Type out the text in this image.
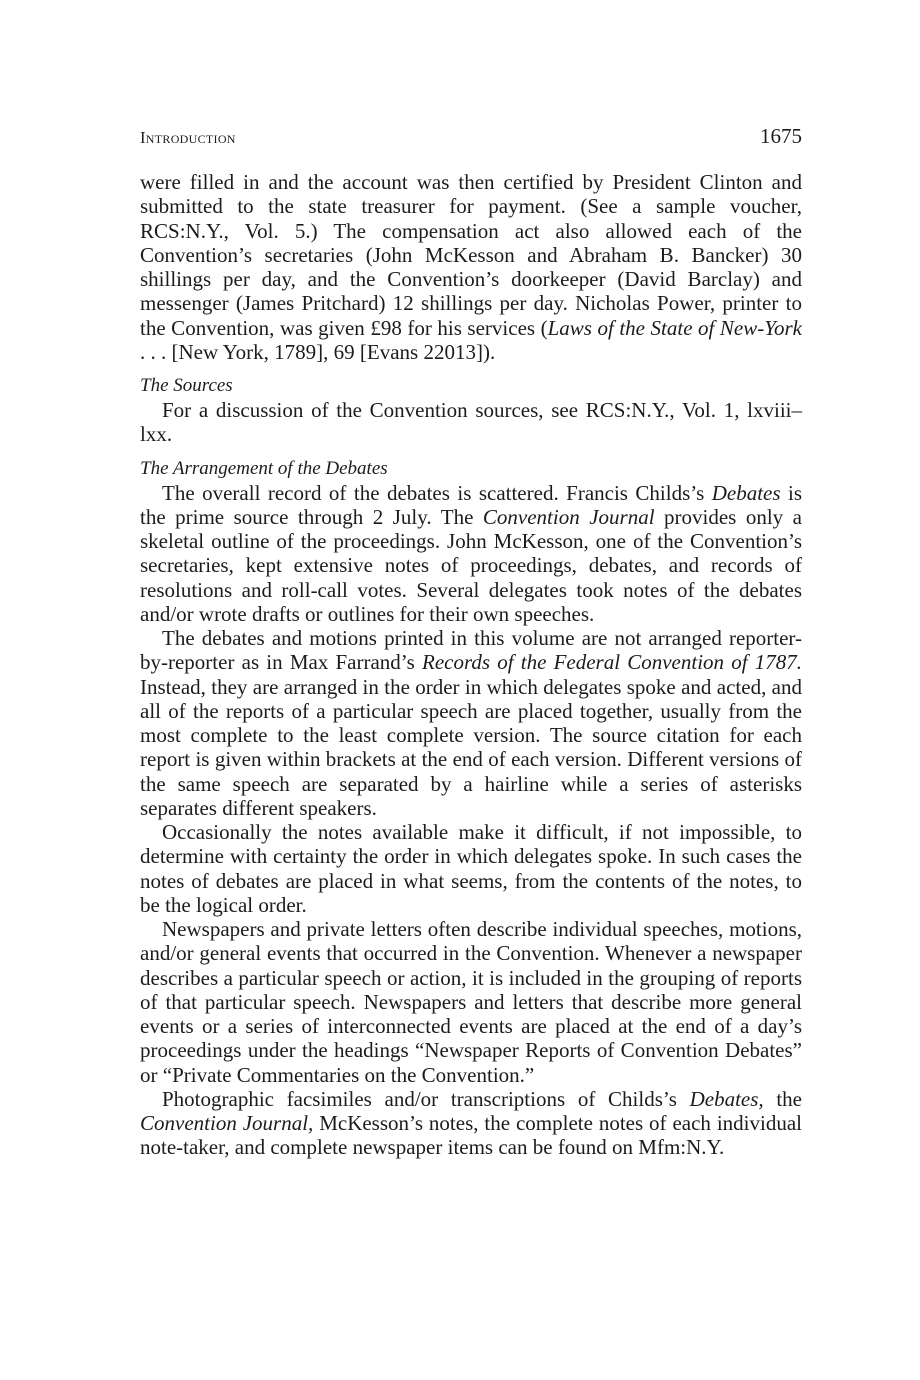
Introduction	1675

were filled in and the account was then certified by President Clinton and submitted to the state treasurer for payment. (See a sample voucher, RCS:N.Y., Vol. 5.) The compensation act also allowed each of the Convention’s secretaries (John McKesson and Abraham B. Bancker) 30 shillings per day, and the Convention’s doorkeeper (David Barclay) and messenger (James Pritchard) 12 shillings per day. Nicholas Power, printer to the Convention, was given £98 for his services (Laws of the State of New-York . . . [New York, 1789], 69 [Evans 22013]).

The Sources

For a discussion of the Convention sources, see RCS:N.Y., Vol. 1, lxviii–lxx.

The Arrangement of the Debates

The overall record of the debates is scattered. Francis Childs’s Debates is the prime source through 2 July. The Convention Journal provides only a skeletal outline of the proceedings. John McKesson, one of the Convention’s secretaries, kept extensive notes of proceedings, debates, and records of resolutions and roll-call votes. Several delegates took notes of the debates and/or wrote drafts or outlines for their own speeches.

The debates and motions printed in this volume are not arranged reporter-by-reporter as in Max Farrand’s Records of the Federal Convention of 1787. Instead, they are arranged in the order in which delegates spoke and acted, and all of the reports of a particular speech are placed together, usually from the most complete to the least complete version. The source citation for each report is given within brackets at the end of each version. Different versions of the same speech are separated by a hairline while a series of asterisks separates different speakers.

Occasionally the notes available make it difficult, if not impossible, to determine with certainty the order in which delegates spoke. In such cases the notes of debates are placed in what seems, from the contents of the notes, to be the logical order.

Newspapers and private letters often describe individual speeches, motions, and/or general events that occurred in the Convention. Whenever a newspaper describes a particular speech or action, it is included in the grouping of reports of that particular speech. Newspapers and letters that describe more general events or a series of interconnected events are placed at the end of a day’s proceedings under the headings “Newspaper Reports of Convention Debates” or “Private Commentaries on the Convention.”

Photographic facsimiles and/or transcriptions of Childs’s Debates, the Convention Journal, McKesson’s notes, the complete notes of each individual note-taker, and complete newspaper items can be found on Mfm:N.Y.
